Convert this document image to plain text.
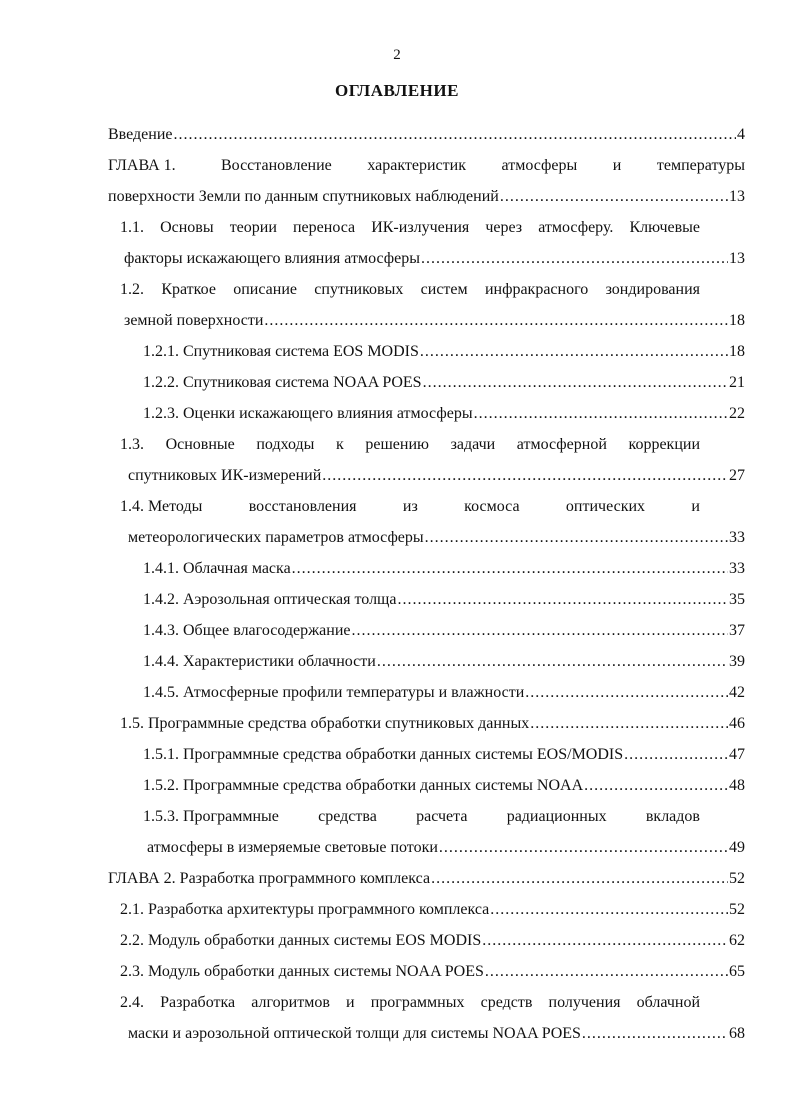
2
ОГЛАВЛЕНИЕ
Введение .....	4
ГЛАВА 1.	Восстановление характеристик атмосферы и температуры
поверхности Земли по данным спутниковых наблюдений .....	13
1.1. Основы теории переноса ИК-излучения через атмосферу. Ключевые
факторы искажающего влияния атмосферы .....	13
1.2. Краткое описание спутниковых систем инфракрасного зондирования
земной поверхности .....	18
1.2.1. Спутниковая система EOS MODIS .....	18
1.2.2. Спутниковая система NOAA POES .....	21
1.2.3. Оценки искажающего влияния атмосферы .....	22
1.3. Основные подходы к решению задачи атмосферной коррекции
спутниковых ИК-измерений .....	27
1.4. Методы	восстановления	из	космоса	оптических	и
метеорологических параметров атмосферы .....	33
1.4.1. Облачная маска .....	33
1.4.2. Аэрозольная оптическая толща .....	35
1.4.3. Общее влагосодержание .....	37
1.4.4. Характеристики облачности .....	39
1.4.5. Атмосферные профили температуры и влажности .....	42
1.5. Программные средства обработки спутниковых данных .....	46
1.5.1. Программные средства обработки данных системы EOS/MODIS .....	47
1.5.2. Программные средства обработки данных системы NOAA .....	48
1.5.3. Программные средства расчета радиационных вкладов
атмосферы в измеряемые световые потоки .....	49
ГЛАВА 2. Разработка программного комплекса .....	52
2.1. Разработка архитектуры программного комплекса .....	52
2.2. Модуль обработки данных системы EOS MODIS .....	62
2.3. Модуль обработки данных системы NOAA POES .....	65
2.4. Разработка алгоритмов и программных средств получения облачной
маски и аэрозольной оптической толщи для системы NOAA POES .....	68
